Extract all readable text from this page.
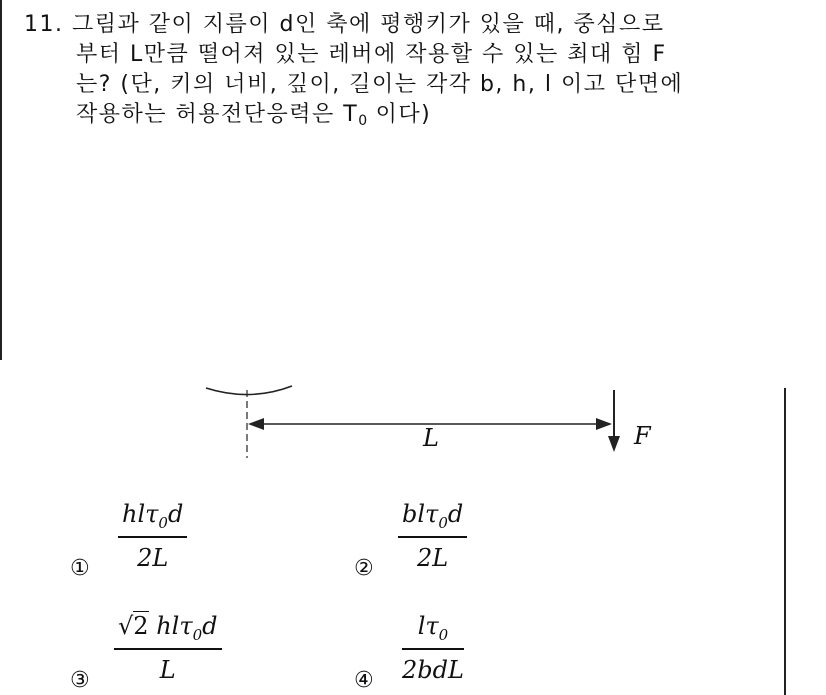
11. 그림과 같이 지름이 d인 축에 평행키가 있을 때, 중심으로
부터 L만큼 떨어져 있는 레버에 작용할 수 있는 최대 힘 F
는? (단, 키의 너비, 깊이, 길이는 각각 b, h, l 이고 단면에
작용하는 허용전단응력은 $T_0$ 이다)
L	F
①
hlτ$_0$d
2L	②
blτ$_0$d
2L
③
√2 hlτ$_0$d
L	④
$l\tau_0$
2bdL
